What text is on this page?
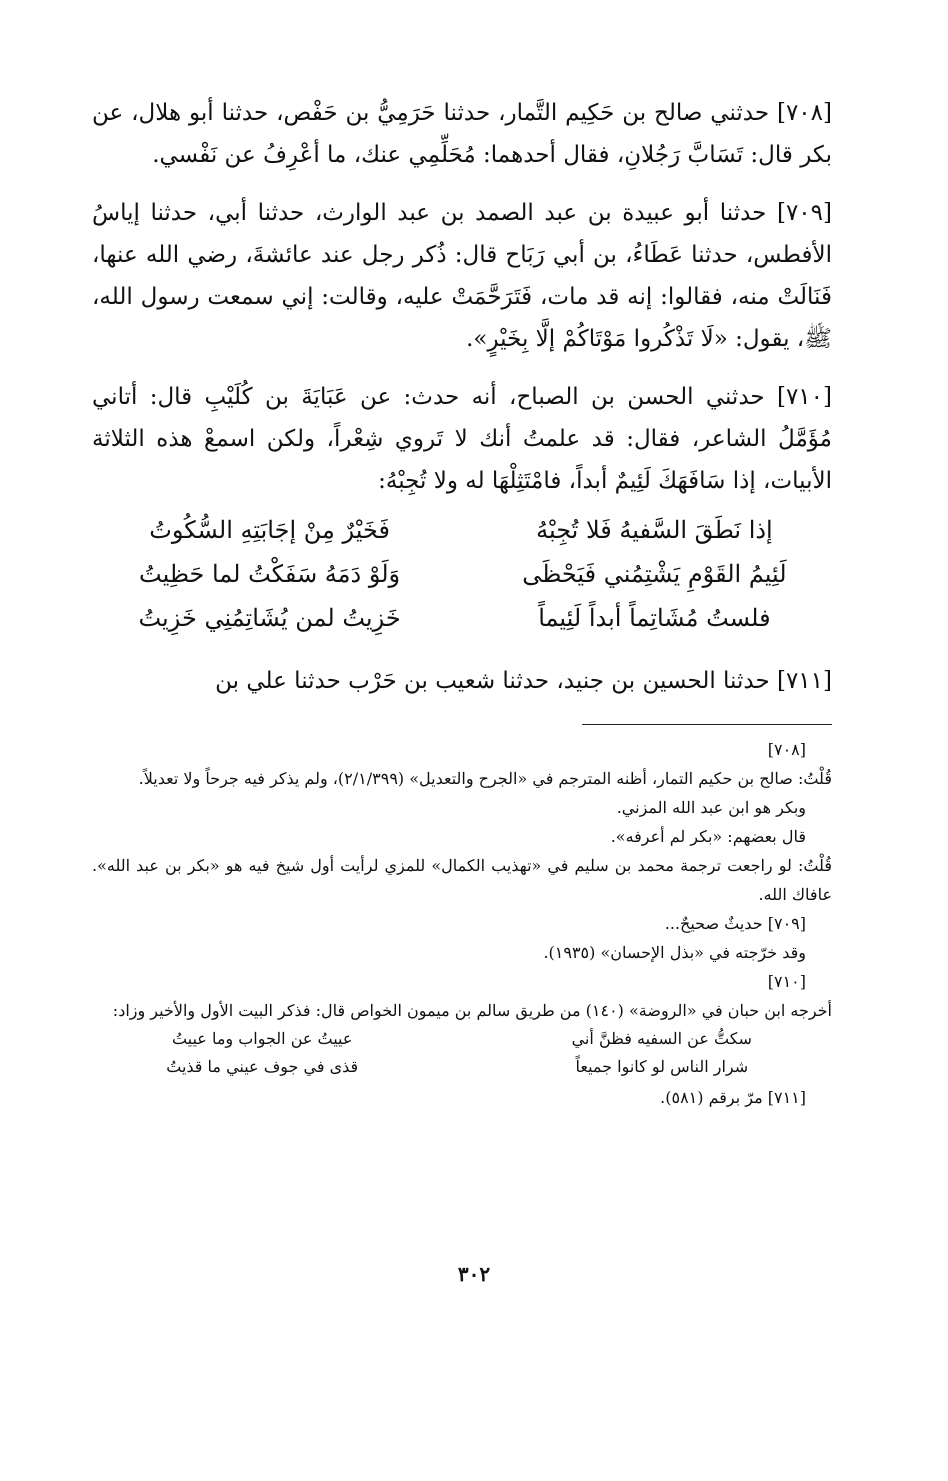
[٧٠٨] حدثني صالح بن حَكِيم التَّمار، حدثنا حَرَمِيُّ بن حَفْص، حدثنا أبو هلال، عن بكر قال: تَسَابَّ رَجُلانِ، فقال أحدهما: مُحَلِّمِي عنك، ما أعْرِفُ عن نَفْسي.

[٧٠٩] حدثنا أبو عبيدة بن عبد الصمد بن عبد الوارث، حدثنا أبي، حدثنا إياسُ الأفطس، حدثنا عَطَاءُ، بن أبي رَبَاح قال: ذُكر رجل عند عائشةَ، رضي الله عنها، فَنَالَتْ منه، فقالوا: إنه قد مات، فَتَرَحَّمَتْ عليه، وقالت: إني سمعت رسول الله، ﷺ، يقول: «لَا تَذْكُروا مَوْتَاكُمْ إلَّا بِخَيْرٍ».

[٧١٠] حدثني الحسن بن الصباح، أنه حدث: عن عَبَايَةَ بن كُلَيْبِ قال: أتاني مُؤَمَّلُ الشاعر، فقال: قد علمتُ أنك لا تَروي شِعْراً، ولكن اسمعْ هذه الثلاثة الأبيات، إذا سَافَهَكَ لَئِيمٌ أبداً، فامْتَثِلْهَا له ولا تُجِبْهُ:

إذا نَطَقَ السَّفيهُ فَلا تُجِبْهُ
فَخَيْرٌ مِنْ إجَابَتِهِ السُّكُوتُ
لَئِيمُ القَوْمِ يَشْتِمُني فَيَحْظَى
وَلَوْ دَمَهُ سَفَكْتُ لما حَظِيتُ
فلستُ مُشَاتِماً أبداً لَئِيماً
خَزِيتُ لمن يُشَاتِمُنِي خَزِيتُ

[٧١١] حدثنا الحسين بن جنيد، حدثنا شعيب بن حَرْب حدثنا علي بن

[٧٠٨]

قُلْتُ: صالح بن حكيم التمار، أظنه المترجم في «الجرح والتعديل» (٢/١/٣٩٩)، ولم يذكر فيه جرحاً ولا تعديلاً.

وبكر هو ابن عبد الله المزني.

قال بعضهم: «بكر لم أعرفه».

قُلْتُ: لو راجعت ترجمة محمد بن سليم في «تهذيب الكمال» للمزي لرأيت أول شيخ فيه هو «بكر بن عبد الله». عافاك الله.

[٧٠٩] حديثٌ صحيحٌ...

وقد خرّجته في «بذل الإحسان» (١٩٣٥).

[٧١٠]

أخرجه ابن حبان في «الروضة» (١٤٠) من طريق سالم بن ميمون الخواص قال: فذكر البيت الأول والأخير وزاد:

سكتُّ عن السفيه فظنَّ أني
عييتُ عن الجواب وما عييتُ
شرار الناس لو كانوا جميعاً
قذى في جوف عيني ما قذيتُ

[٧١١] مرّ برقم (٥٨١).

٣٠٢
